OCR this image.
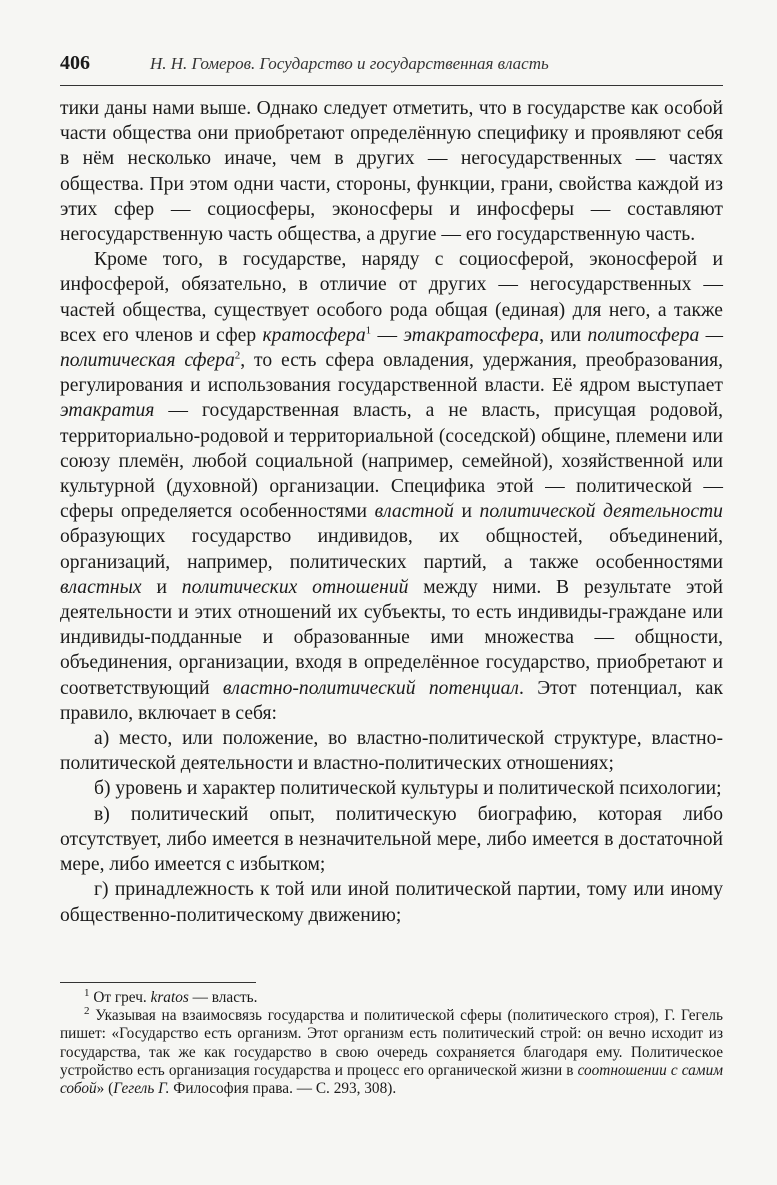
406	Н. Н. Гомеров. Государство и государственная власть

тики даны нами выше. Однако следует отметить, что в государстве как особой части общества они приобретают определённую специфику и проявляют себя в нём несколько иначе, чем в других — негосударственных — частях общества. При этом одни части, стороны, функции, грани, свойства каждой из этих сфер — социосферы, эконосферы и инфосферы — составляют негосударственную часть общества, а другие — его государственную часть.

Кроме того, в государстве, наряду с социосферой, эконосферой и инфосферой, обязательно, в отличие от других — негосударственных — частей общества, существует особого рода общая (единая) для него, а также всех его членов и сфер кратосфера$^1$ — этакратосфера, или политосфера — политическая сфера$^2$, то есть сфера овладения, удержания, преобразования, регулирования и использования государственной власти. Её ядром выступает этакратия — государственная власть, а не власть, присущая родовой, территориально-родовой и территориальной (соседской) общине, племени или союзу племён, любой социальной (например, семейной), хозяйственной или культурной (духовной) организации. Специфика этой — политической — сферы определяется особенностями властной и политической деятельности образующих государство индивидов, их общностей, объединений, организаций, например, политических партий, а также особенностями властных и политических отношений между ними. В результате этой деятельности и этих отношений их субъекты, то есть индивиды-граждане или индивиды-подданные и образованные ими множества — общности, объединения, организации, входя в определённое государство, приобретают и соответствующий властно-политический потенциал. Этот потенциал, как правило, включает в себя:

а) место, или положение, во властно-политической структуре, властно-политической деятельности и властно-политических отношениях;

б) уровень и характер политической культуры и политической психологии;

в) политический опыт, политическую биографию, которая либо отсутствует, либо имеется в незначительной мере, либо имеется в достаточной мере, либо имеется с избытком;

г) принадлежность к той или иной политической партии, тому или иному общественно-политическому движению;

$^1$ От греч. kratos — власть.

$^2$ Указывая на взаимосвязь государства и политической сферы (политического строя), Г. Гегель пишет: «Государство есть организм. Этот организм есть политический строй: он вечно исходит из государства, так же как государство в свою очередь сохраняется благодаря ему. Политическое устройство есть организация государства и процесс его органической жизни в соотношении с самим собой» (Гегель Г. Философия права. — С. 293, 308).
